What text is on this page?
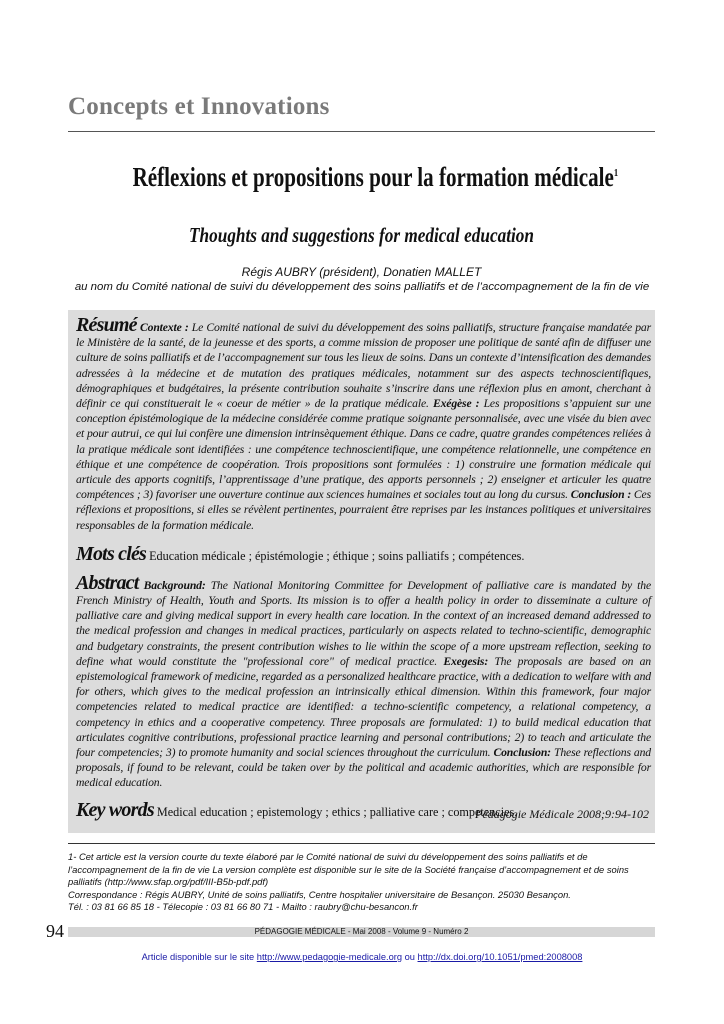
Concepts et Innovations
Réflexions et propositions pour la formation médicale$^1$
Thoughts and suggestions for medical education
Régis AUBRY (président), Donatien MALLET
au nom du Comité national de suivi du développement des soins palliatifs et de l’accompagnement de la fin de vie

Résumé Contexte : Le Comité national de suivi du développement des soins palliatifs, structure française mandatée par le Ministère de la santé, de la jeunesse et des sports, a comme mission de proposer une politique de santé afin de diffuser une culture de soins palliatifs et de l’accompagnement sur tous les lieux de soins. Dans un contexte d’intensification des demandes adressées à la médecine et de mutation des pratiques médicales, notamment sur des aspects technoscientifiques, démographiques et budgétaires, la présente contribution souhaite s’inscrire dans une réflexion plus en amont, cherchant à définir ce qui constituerait le « coeur de métier » de la pratique médicale. Exégèse : Les propositions s’appuient sur une conception épistémologique de la médecine considérée comme pratique soignante personnalisée, avec une visée du bien avec et pour autrui, ce qui lui confère une dimension intrinsèquement éthique. Dans ce cadre, quatre grandes compétences reliées à la pratique médicale sont identifiées : une compétence technoscientifique, une compétence relationnelle, une compétence en éthique et une compétence de coopération. Trois propositions sont formulées : 1) construire une formation médicale qui articule des apports cognitifs, l’apprentissage d’une pratique, des apports personnels ; 2) enseigner et articuler les quatre compétences ; 3) favoriser une ouverture continue aux sciences humaines et sociales tout au long du cursus. Conclusion : Ces réflexions et propositions, si elles se révèlent pertinentes, pourraient être reprises par les instances politiques et universitaires responsables de la formation médicale.

Mots clés Education médicale ; épistémologie ; éthique ; soins palliatifs ; compétences.

Abstract Background: The National Monitoring Committee for Development of palliative care is mandated by the French Ministry of Health, Youth and Sports. Its mission is to offer a health policy in order to disseminate a culture of palliative care and giving medical support in every health care location. In the context of an increased demand addressed to the medical profession and changes in medical practices, particularly on aspects related to techno-scientific, demographic and budgetary constraints, the present contribution wishes to lie within the scope of a more upstream reflection, seeking to define what would constitute the "professional core" of medical practice. Exegesis: The proposals are based on an epistemological framework of medicine, regarded as a personalized healthcare practice, with a dedication to welfare with and for others, which gives to the medical profession an intrinsically ethical dimension. Within this framework, four major competencies related to medical practice are identified: a techno-scientific competency, a relational competency, a competency in ethics and a cooperative competency. Three proposals are formulated: 1) to build medical education that articulates cognitive contributions, professional practice learning and personal contributions; 2) to teach and articulate the four competencies; 3) to promote humanity and social sciences throughout the curriculum. Conclusion: These reflections and proposals, if found to be relevant, could be taken over by the political and academic authorities, which are responsible for medical education.

Key words Medical education ; epistemology ; ethics ; palliative care ; competencies.

Pédagogie Médicale 2008;9:94-102

1- Cet article est la version courte du texte élaboré par le Comité national de suivi du développement des soins palliatifs et de l’accompagnement de la fin de vie La version complète est disponible sur le site de la Société française d’accompagnement et de soins palliatifs (http://www.sfap.org/pdf/III-B5b-pdf.pdf)

Correspondance : Régis AUBRY, Unité de soins palliatifs, Centre hospitalier universitaire de Besançon. 25030 Besançon.

Tél. : 03 81 66 85 18 - Télecopie : 03 81 66 80 71 - Mailto : raubry@chu-besancon.fr

94	PÉDAGOGIE MÉDICALE - Mai 2008 - Volume 9 - Numéro 2
Article disponible sur le site http://www.pedagogie-medicale.org ou http://dx.doi.org/10.1051/pmed:2008008
